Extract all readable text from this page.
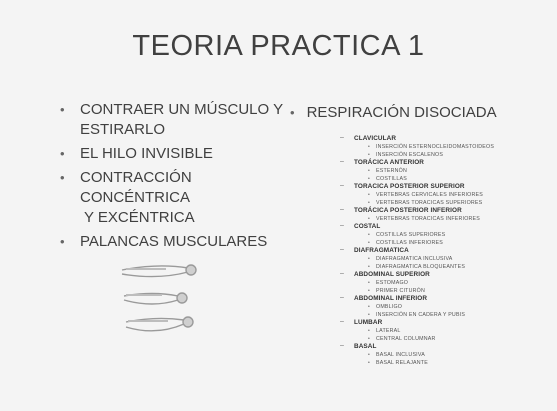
TEORIA PRACTICA 1
• CONTRAER UN MÚSCULO Y
ESTIRARLO
• EL HILO INVISIBLE
• CONTRACCIÓN CONCÉNTRICA
Y EXCÉNTRICA
• PALANCAS MUSCULARES
• RESPIRACIÓN DISOCIADA
– CLAVICULAR
• INSERCIÓN ESTERNOCLEIDOMASTOIDEOS
• INSERCIÓN ESCALENOS
– TORÁCICA ANTERIOR
• ESTERNÓN
• COSTILLAS
– TORACICA POSTERIOR SUPERIOR
• VERTEBRAS CERVICALES INFERIORES
• VERTEBRAS TORACICAS SUPERIORES
– TORÁCICA POSTERIOR INFERIOR
• VERTEBRAS TORACICAS INFERIORES
– COSTAL
• COSTILLAS SUPERIORES
• COSTILLAS INFERIORES
– DIAFRAGMATICA
• DIAFRAGMATICA INCLUSIVA
• DIAFRAGMATICA BLOQUEANTES
– ABDOMINAL SUPERIOR
• ESTOMAGO
• PRIMER CITURÓN
– ABDOMINAL INFERIOR
• OMBLIGO
• INSERCIÓN EN CADERA Y PUBIS
– LUMBAR
• LATERAL
• CENTRAL COLUMNAR
– BASAL
• BASAL INCLUSIVA
• BASAL RELAJANTE
